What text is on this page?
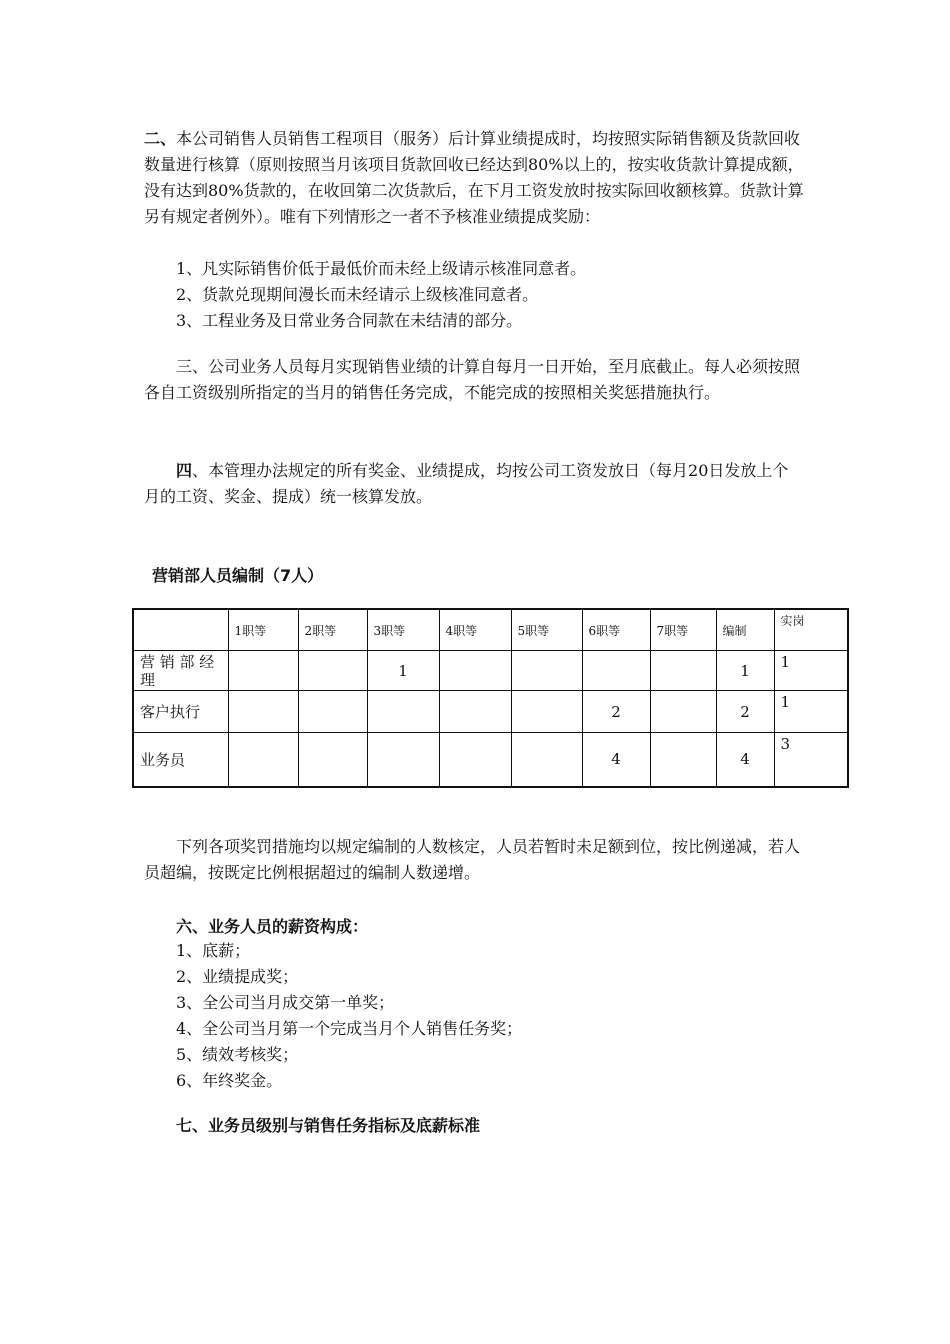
二、本公司销售人员销售工程项目（服务）后计算业绩提成时，均按照实际销售额及货款回收数量进行核算（原则按照当月该项目货款回收已经达到80%以上的，按实收货款计算提成额，没有达到80%货款的，在收回第二次货款后，在下月工资发放时按实际回收额核算。货款计算另有规定者例外）。唯有下列情形之一者不予核准业绩提成奖励：

1、凡实际销售价低于最低价而未经上级请示核准同意者。
2、货款兑现期间漫长而未经请示上级核准同意者。
3、工程业务及日常业务合同款在未结清的部分。

三、公司业务人员每月实现销售业绩的计算自每月一日开始，至月底截止。每人必须按照各自工资级别所指定的当月的销售任务完成，不能完成的按照相关奖惩措施执行。

四、本管理办法规定的所有奖金、业绩提成，均按公司工资发放日（每月20日发放上个月的工资、奖金、提成）统一核算发放。

营销部人员编制（7人）
	1职等	2职等	3职等	4职等	5职等	6职等	7职等	编制	实岗
营 销 部 经 理			1					1	1
客户执行						2		2	1
业务员						4		4	3

下列各项奖罚措施均以规定编制的人数核定，人员若暂时未足额到位，按比例递减，若人员超编，按既定比例根据超过的编制人数递增。

六、业务人员的薪资构成：
1、底薪；
2、业绩提成奖；
3、全公司当月成交第一单奖；
4、全公司当月第一个完成当月个人销售任务奖；
5、绩效考核奖；
6、年终奖金。
七、业务员级别与销售任务指标及底薪标准
